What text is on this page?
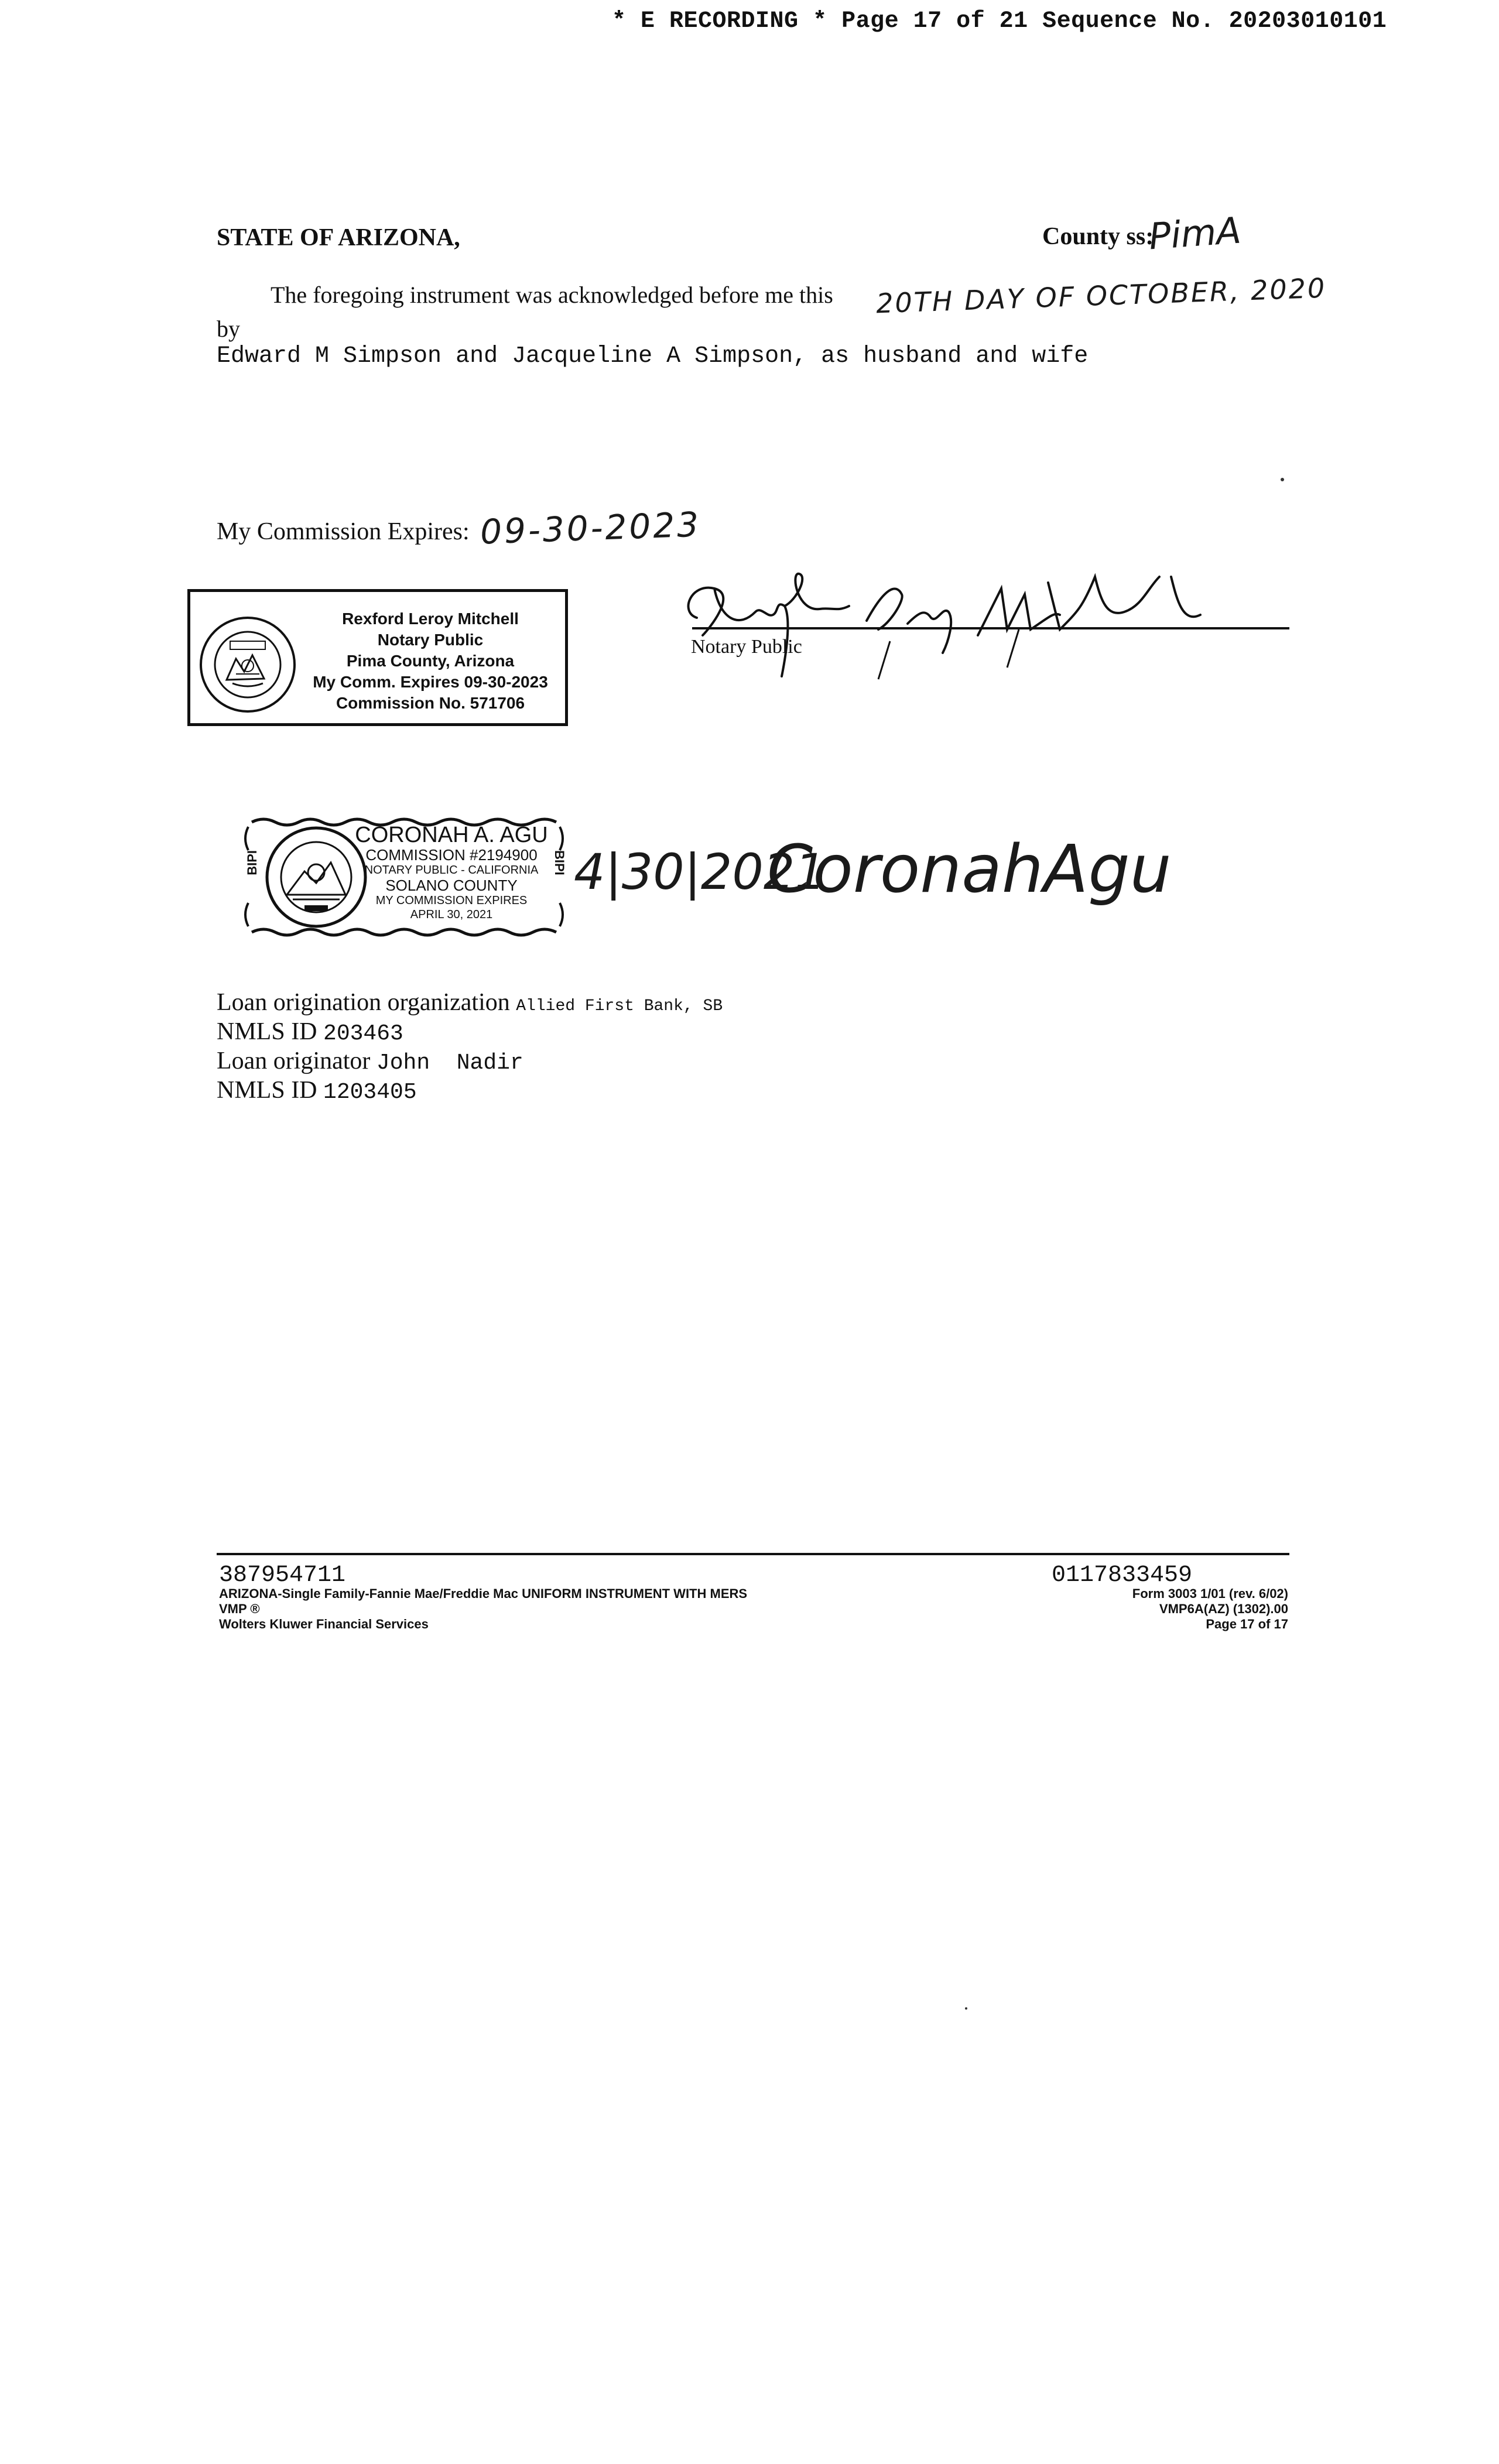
* E RECORDING * Page 17 of 21 Sequence No. 20203010101
STATE OF ARIZONA,	County ss:
PimA
The foregoing instrument was acknowledged before me this 20TH DAY OF OCTOBER, 2020
by
Edward M Simpson and Jacqueline A Simpson, as husband and wife
My Commission Expires: 09-30-2023
Rexford Leroy Mitchell
Notary Public
Pima County, Arizona
My Comm. Expires 09-30-2023
Commission No. 571706
Notary Public
BIPI	BIPI
CORONAH A. AGU
COMMISSION #2194900
NOTARY PUBLIC - CALIFORNIA
SOLANO COUNTY
MY COMMISSION EXPIRES
APRIL 30, 2021
4|30|2021
CoronahAgu
Loan origination organization Allied First Bank, SB
NMLS ID 203463
Loan originator John  Nadir
NMLS ID 1203405
387954711
ARIZONA-Single Family-Fannie Mae/Freddie Mac UNIFORM INSTRUMENT WITH MERS
VMP ®
Wolters Kluwer Financial Services
0117833459
Form 3003 1/01 (rev. 6/02)
VMP6A(AZ) (1302).00
Page 17 of 17
